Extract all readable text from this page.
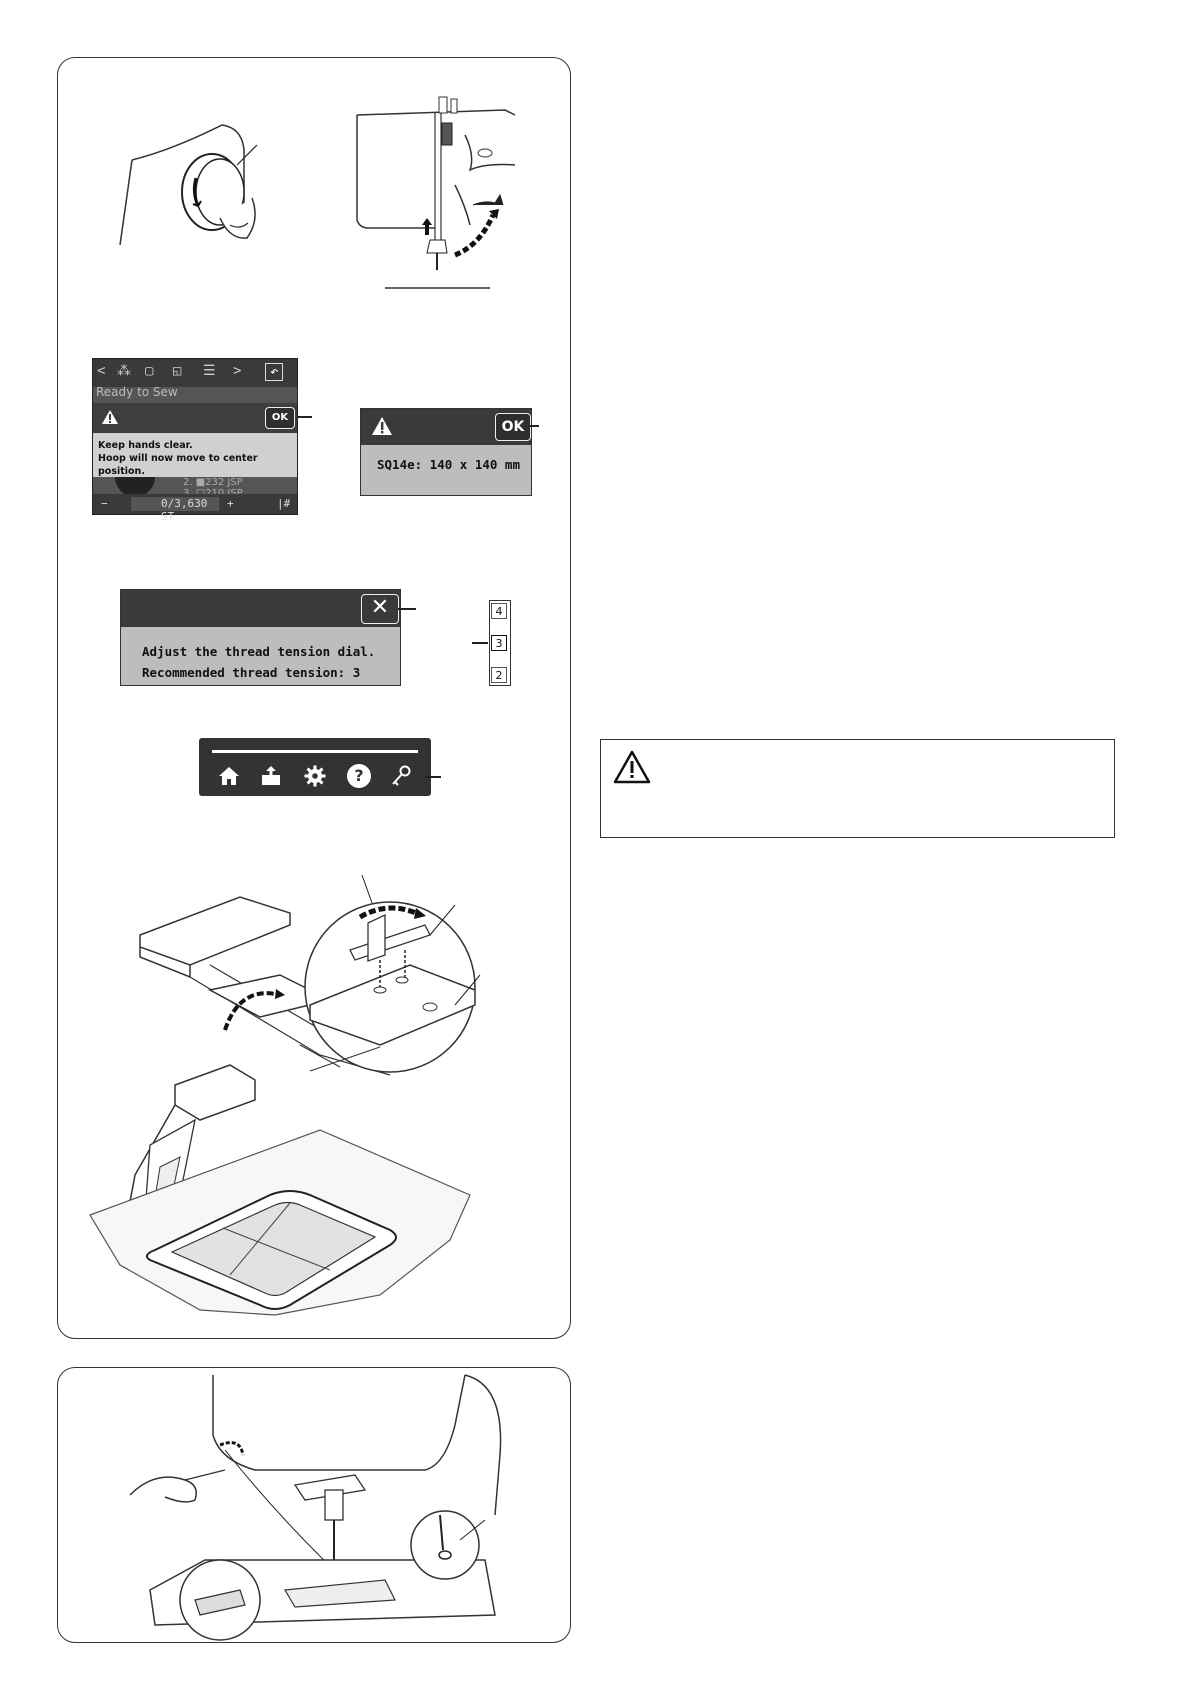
< ⁂ ▢ ◱ ☰ >	↶
Ready to Sew
OK
Keep hands clear.
Hoop will now move to center position.
2. ■232 JSP
−	0/3,630 ST
+	|#
OK
SQ14e: 140 x 140 mm
✕
Adjust the thread tension dial.
Recommended thread tension: 3
4
3
2
?
